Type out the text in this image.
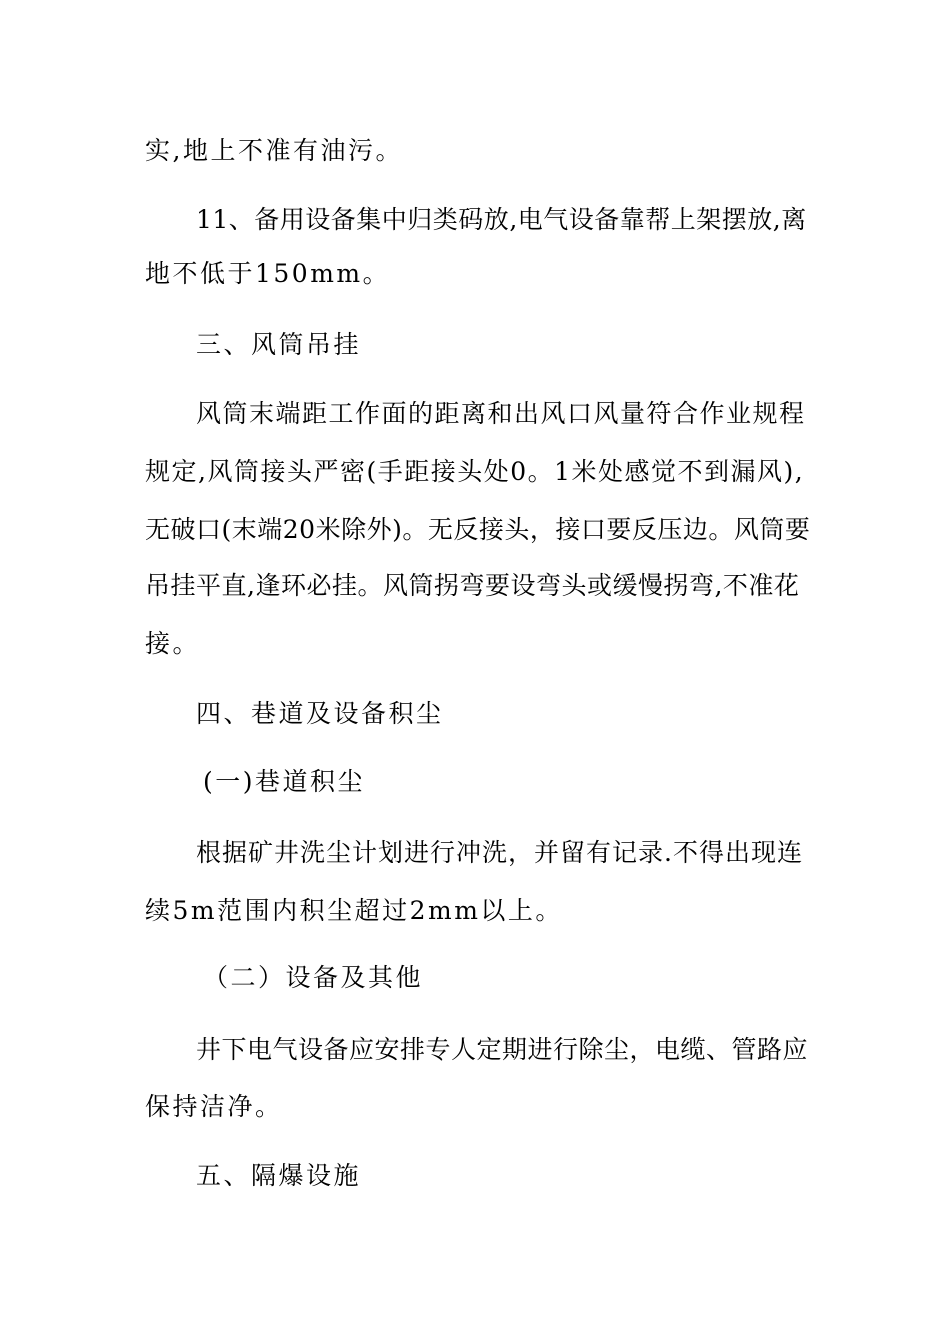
实,地上不准有油污。
11、备用设备集中归类码放,电气设备靠帮上架摆放,离
地不低于150mm。
三、风筒吊挂
风筒末端距工作面的距离和出风口风量符合作业规程
规定,风筒接头严密(手距接头处0。1米处感觉不到漏风),
无破口(末端20米除外)。无反接头，接口要反压边。风筒要
吊挂平直,逢环必挂。风筒拐弯要设弯头或缓慢拐弯,不准花
接。
四、巷道及设备积尘
(一)巷道积尘
根据矿井洗尘计划进行冲洗，并留有记录.不得出现连
续5m范围内积尘超过2mm以上。
（二）设备及其他
井下电气设备应安排专人定期进行除尘，电缆、管路应
保持洁净。
五、隔爆设施
